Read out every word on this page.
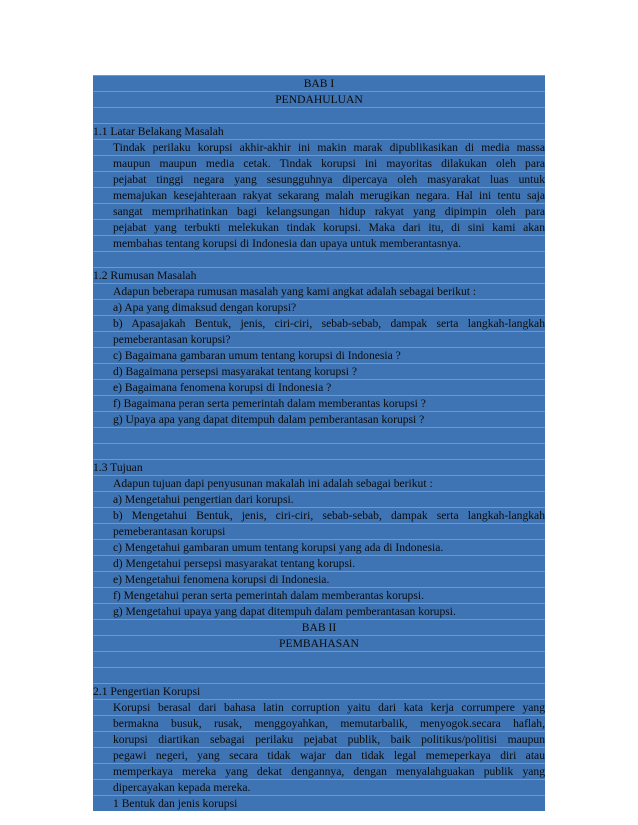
BAB I
PENDAHULUAN
1.1 Latar Belakang Masalah
Tindak perilaku korupsi akhir-akhir ini makin marak dipublikasikan di media massa
maupun maupun media cetak. Tindak korupsi ini mayoritas dilakukan oleh para
pejabat tinggi negara yang sesungguhnya dipercaya oleh masyarakat luas untuk
memajukan kesejahteraan rakyat sekarang malah merugikan negara. Hal ini tentu saja
sangat memprihatinkan bagi kelangsungan hidup rakyat yang dipimpin oleh para
pejabat yang terbukti melekukan tindak korupsi. Maka dari itu, di sini kami akan
membahas tentang korupsi di Indonesia dan upaya untuk memberantasnya.
1.2 Rumusan Masalah
Adapun beberapa rumusan masalah yang kami angkat adalah sebagai berikut :
a) Apa yang dimaksud dengan korupsi?
b) Apasajakah Bentuk, jenis, ciri-ciri, sebab-sebab, dampak serta langkah-langkah
pemeberantasan korupsi?
c) Bagaimana gambaran umum tentang korupsi di Indonesia ?
d) Bagaimana persepsi masyarakat tentang korupsi ?
e) Bagaimana fenomena korupsi di Indonesia ?
f) Bagaimana peran serta pemerintah dalam memberantas korupsi ?
g) Upaya apa yang dapat ditempuh dalam pemberantasan korupsi ?
1.3 Tujuan
Adapun tujuan dapi penyusunan makalah ini adalah sebagai berikut :
a) Mengetahui pengertian dari korupsi.
b) Mengetahui Bentuk, jenis, ciri-ciri, sebab-sebab, dampak serta langkah-langkah
pemeberantasan korupsi
c) Mengetahui gambaran umum tentang korupsi yang ada di Indonesia.
d) Mengetahui persepsi masyarakat tentang korupsi.
e) Mengetahui fenomena korupsi di Indonesia.
f) Mengetahui peran serta pemerintah dalam memberantas korupsi.
g) Mengetahui upaya yang dapat ditempuh dalam pemberantasan korupsi.
BAB II
PEMBAHASAN
2.1 Pengertian Korupsi
Korupsi berasal dari bahasa latin corruption yaitu dari kata kerja corrumpere yang
bermakna busuk, rusak, menggoyahkan, memutarbalik, menyogok.secara haflah,
korupsi diartikan sebagai perilaku pejabat publik, baik politikus/politisi maupun
pegawi negeri, yang secara tidak wajar dan tidak legal memeperkaya diri atau
memperkaya mereka yang dekat dengannya, dengan menyalahguakan publik yang
dipercayakan kepada mereka.
1 Bentuk dan jenis korupsi
